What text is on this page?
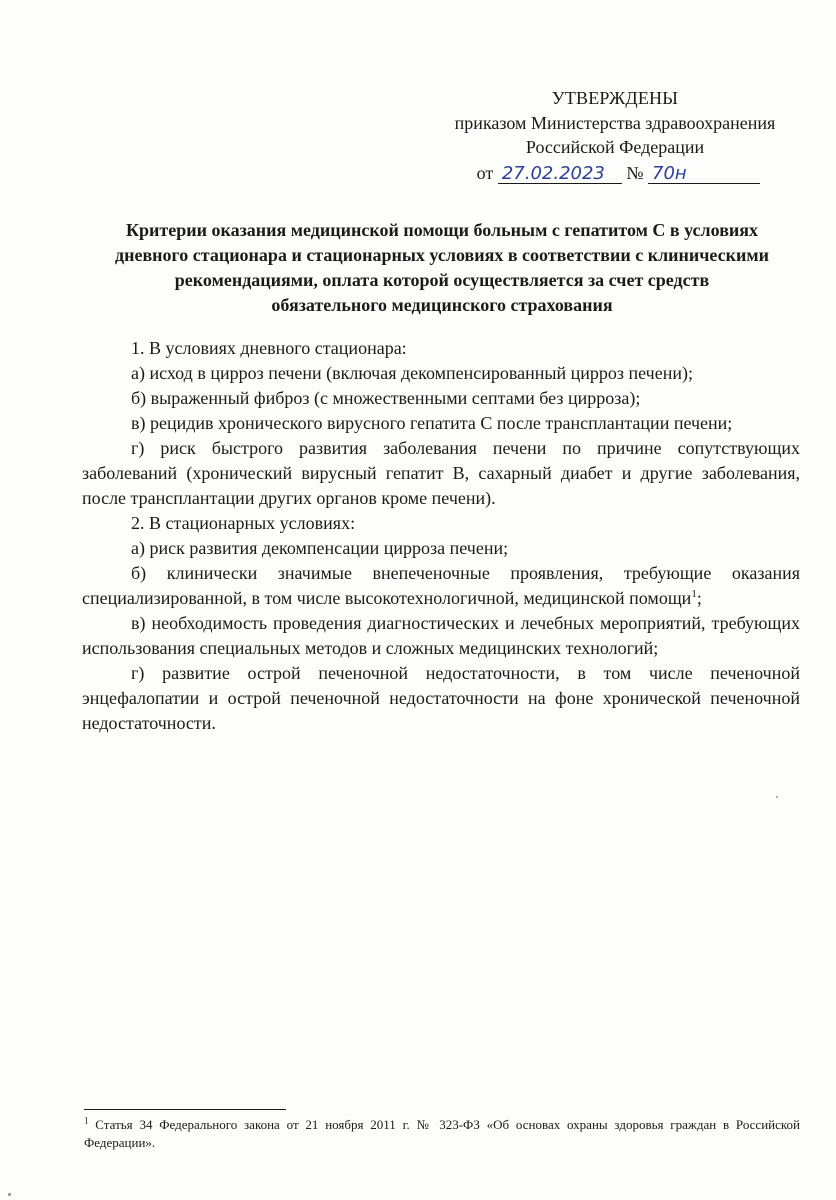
УТВЕРЖДЕНЫ
приказом Министерства здравоохранения
Российской Федерации
от 27.02.2023 № 70н
Критерии оказания медицинской помощи больным с гепатитом С в условиях
дневного стационара и стационарных условиях в соответствии с клиническими
рекомендациями, оплата которой осуществляется за счет средств
обязательного медицинского страхования

1. В условиях дневного стационара:

а) исход в цирроз печени (включая декомпенсированный цирроз печени);

б) выраженный фиброз (с множественными септами без цирроза);

в) рецидив хронического вирусного гепатита С после трансплантации печени;

г) риск быстрого развития заболевания печени по причине сопутствующих заболеваний (хронический вирусный гепатит В, сахарный диабет и другие заболевания, после трансплантации других органов кроме печени).

2. В стационарных условиях:

а) риск развития декомпенсации цирроза печени;

б) клинически значимые внепеченочные проявления, требующие оказания специализированной, в том числе высокотехнологичной, медицинской помощи$^1$;

в) необходимость проведения диагностических и лечебных мероприятий, требующих использования специальных методов и сложных медицинских технологий;

г) развитие острой печеночной недостаточности, в том числе печеночной энцефалопатии и острой печеночной недостаточности на фоне хронической печеночной недостаточности.

$^1$ Статья 34 Федерального закона от 21 ноября 2011 г. № 323-ФЗ «Об основах охраны здоровья граждан в Российской Федерации».
